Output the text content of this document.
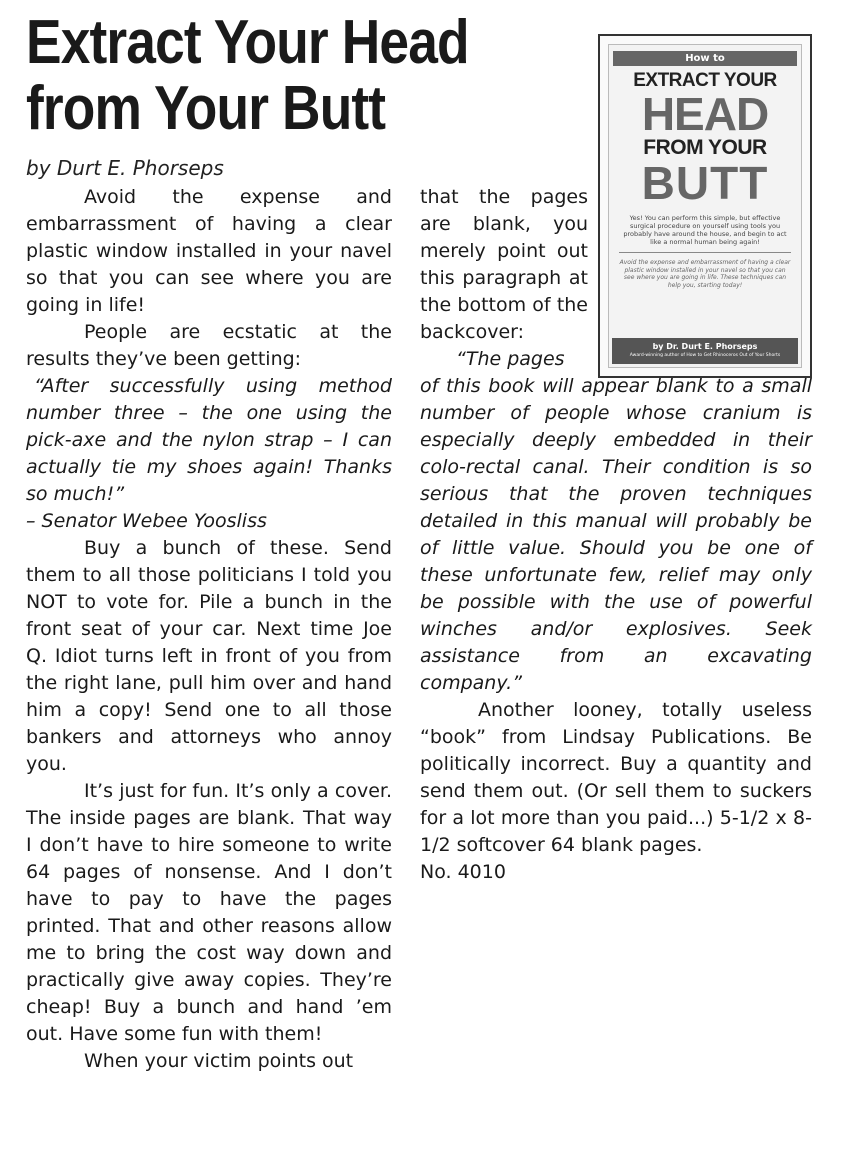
Extract Your Head
from Your Butt
by Durt E. Phorseps
How to
EXTRACT YOUR
HEAD
FROM YOUR
BUTT
Yes! You can perform this simple, but effective surgical procedure on yourself using tools you probably have around the house, and begin to act like a normal human being again!
Avoid the expense and embarrassment of having a clear plastic window installed in your navel so that you can see where you are going in life. These techniques can help you, starting today!
by Dr. Durt E. Phorseps
Award-winning author of How to Get Rhinoceros Out of Your Shorts

Avoid the expense and embarrassment of having a clear plastic window installed in your navel so that you can see where you are going in life!

People are ecstatic at the results they’ve been getting:

“After successfully using method number three – the one using the pick-axe and the nylon strap – I can actually tie my shoes again! Thanks so much!”

– Senator Webee Yoosliss

Buy a bunch of these. Send them to all those politicians I told you NOT to vote for. Pile a bunch in the front seat of your car. Next time Joe Q. Idiot turns left in front of you from the right lane, pull him over and hand him a copy! Send one to all those bankers and attorneys who annoy you.

It’s just for fun. It’s only a cover. The inside pages are blank. That way I don’t have to hire someone to write 64 pages of nonsense. And I don’t have to pay to have the pages printed. That and other reasons allow me to bring the cost way down and practically give away copies. They’re cheap! Buy a bunch and hand ’em out. Have some fun with them!

When your victim points out

that the pages are blank, you merely point out this paragraph at the bottom of the backcover:

“The pages

of this book will appear blank to a small number of people whose cranium is especially deeply embedded in their colo-rectal canal. Their condition is so serious that the proven techniques detailed in this manual will probably be of little value. Should you be one of these unfortunate few, relief may only be possible with the use of powerful winches and/or explosives. Seek assistance from an excavating company.”

Another looney, totally useless “book” from Lindsay Publications. Be politically incorrect. Buy a quantity and send them out. (Or sell them to suckers for a lot more than you paid...) 5-1/2 x 8-1/2 softcover 64 blank pages.

No. 4010
